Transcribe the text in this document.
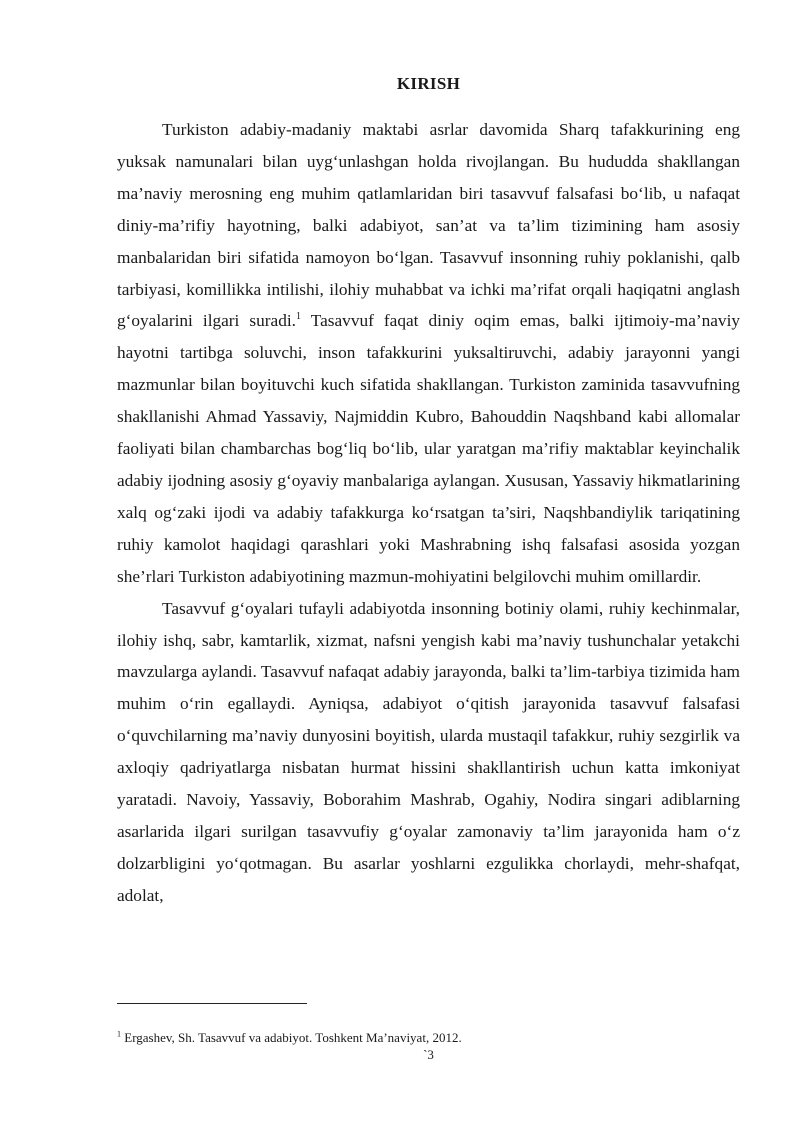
KIRISH

Turkiston adabiy-madaniy maktabi asrlar davomida Sharq tafakkurining eng yuksak namunalari bilan uyg‘unlashgan holda rivojlangan. Bu hududda shakllangan ma’naviy merosning eng muhim qatlamlaridan biri tasavvuf falsafasi bo‘lib, u nafaqat diniy-ma’rifiy hayotning, balki adabiyot, san’at va ta’lim tizimining ham asosiy manbalaridan biri sifatida namoyon bo‘lgan. Tasavvuf insonning ruhiy poklanishi, qalb tarbiyasi, komillikka intilishi, ilohiy muhabbat va ichki ma’rifat orqali haqiqatni anglash g‘oyalarini ilgari suradi.$^1$ Tasavvuf faqat diniy oqim emas, balki ijtimoiy-ma’naviy hayotni tartibga soluvchi, inson tafakkurini yuksaltiruvchi, adabiy jarayonni yangi mazmunlar bilan boyituvchi kuch sifatida shakllangan. Turkiston zaminida tasavvufning shakllanishi Ahmad Yassaviy, Najmiddin Kubro, Bahouddin Naqshband kabi allomalar faoliyati bilan chambarchas bog‘liq bo‘lib, ular yaratgan ma’rifiy maktablar keyinchalik adabiy ijodning asosiy g‘oyaviy manbalariga aylangan. Xususan, Yassaviy hikmatlarining xalq og‘zaki ijodi va adabiy tafakkurga ko‘rsatgan ta’siri, Naqshbandiylik tariqatining ruhiy kamolot haqidagi qarashlari yoki Mashrabning ishq falsafasi asosida yozgan she’rlari Turkiston adabiyotining mazmun-mohiyatini belgilovchi muhim omillardir.

Tasavvuf g‘oyalari tufayli adabiyotda insonning botiniy olami, ruhiy kechinmalar, ilohiy ishq, sabr, kamtarlik, xizmat, nafsni yengish kabi ma’naviy tushunchalar yetakchi mavzularga aylandi. Tasavvuf nafaqat adabiy jarayonda, balki ta’lim-tarbiya tizimida ham muhim o‘rin egallaydi. Ayniqsa, adabiyot o‘qitish jarayonida tasavvuf falsafasi o‘quvchilarning ma’naviy dunyosini boyitish, ularda mustaqil tafakkur, ruhiy sezgirlik va axloqiy qadriyatlarga nisbatan hurmat hissini shakllantirish uchun katta imkoniyat yaratadi. Navoiy, Yassaviy, Boborahim Mashrab, Ogahiy, Nodira singari adiblarning asarlarida ilgari surilgan tasavvufiy g‘oyalar zamonaviy ta’lim jarayonida ham o‘z dolzarbligini yo‘qotmagan. Bu asarlar yoshlarni ezgulikka chorlaydi, mehr-shafqat, adolat,

$^1$ Ergashev, Sh. Tasavvuf va adabiyot. Toshkent Ma’naviyat, 2012.
`3
